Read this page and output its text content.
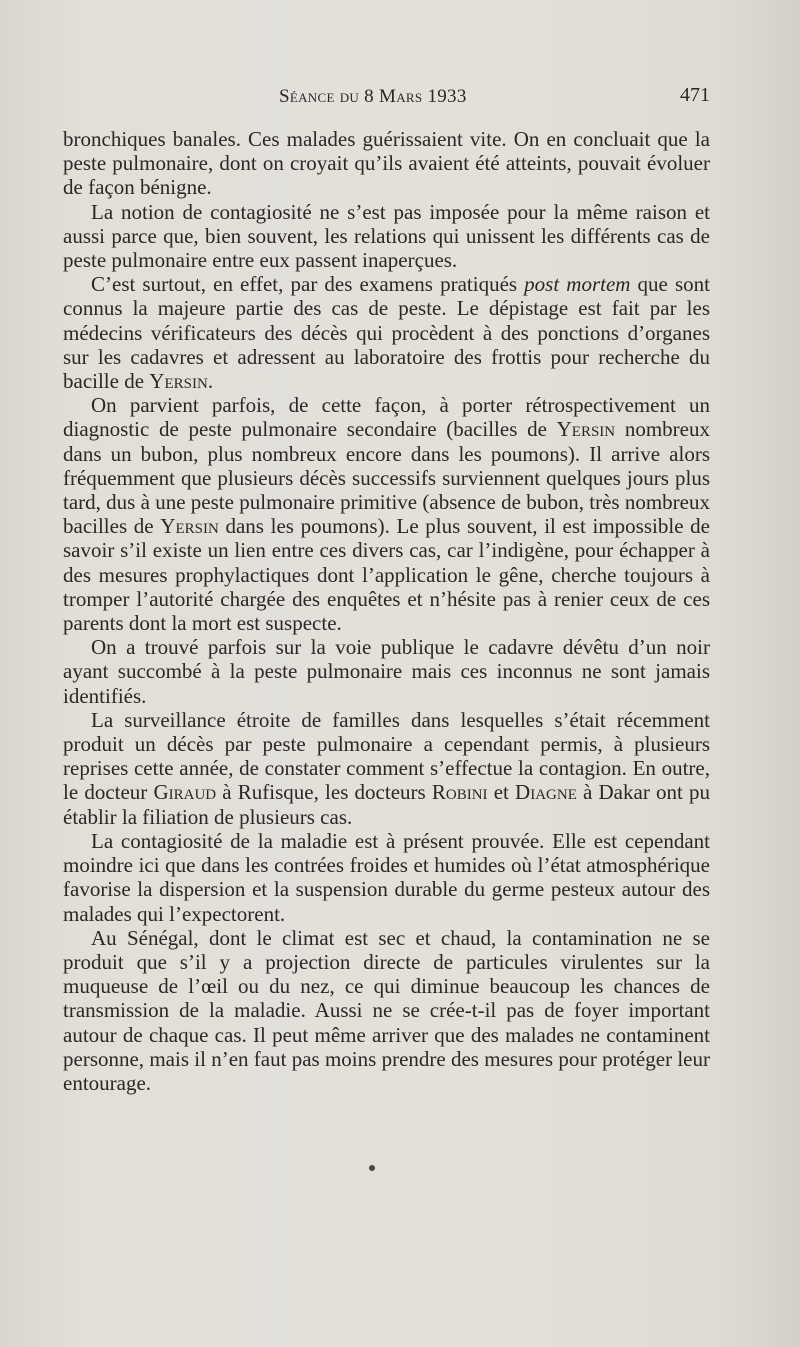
Séance du 8 Mars 1933	471

bronchiques banales. Ces malades guérissaient vite. On en concluait que la peste pulmonaire, dont on croyait qu’ils avaient été atteints, pouvait évoluer de façon bénigne.

La notion de contagiosité ne s’est pas imposée pour la même raison et aussi parce que, bien souvent, les relations qui unissent les différents cas de peste pulmonaire entre eux passent inaperçues.

C’est surtout, en effet, par des examens pratiqués post mortem que sont connus la majeure partie des cas de peste. Le dépistage est fait par les médecins vérificateurs des décès qui procèdent à des ponctions d’organes sur les cadavres et adressent au laboratoire des frottis pour recherche du bacille de Yersin.

On parvient parfois, de cette façon, à porter rétrospectivement un diagnostic de peste pulmonaire secondaire (bacilles de Yersin nombreux dans un bubon, plus nombreux encore dans les poumons). Il arrive alors fréquemment que plusieurs décès successifs surviennent quelques jours plus tard, dus à une peste pulmonaire primitive (absence de bubon, très nombreux bacilles de Yersin dans les poumons). Le plus souvent, il est impossible de savoir s’il existe un lien entre ces divers cas, car l’indigène, pour échapper à des mesures prophylactiques dont l’application le gêne, cherche toujours à tromper l’autorité chargée des enquêtes et n’hésite pas à renier ceux de ces parents dont la mort est suspecte.

On a trouvé parfois sur la voie publique le cadavre dévêtu d’un noir ayant succombé à la peste pulmonaire mais ces inconnus ne sont jamais identifiés.

La surveillance étroite de familles dans lesquelles s’était récemment produit un décès par peste pulmonaire a cependant permis, à plusieurs reprises cette année, de constater comment s’effectue la contagion. En outre, le docteur Giraud à Rufisque, les docteurs Robini et Diagne à Dakar ont pu établir la filiation de plusieurs cas.

La contagiosité de la maladie est à présent prouvée. Elle est cependant moindre ici que dans les contrées froides et humides où l’état atmosphérique favorise la dispersion et la suspension durable du germe pesteux autour des malades qui l’expectorent.

Au Sénégal, dont le climat est sec et chaud, la contamination ne se produit que s’il y a projection directe de particules virulentes sur la muqueuse de l’œil ou du nez, ce qui diminue beaucoup les chances de transmission de la maladie. Aussi ne se crée-t-il pas de foyer important autour de chaque cas. Il peut même arriver que des malades ne contaminent personne, mais il n’en faut pas moins prendre des mesures pour protéger leur entourage.
